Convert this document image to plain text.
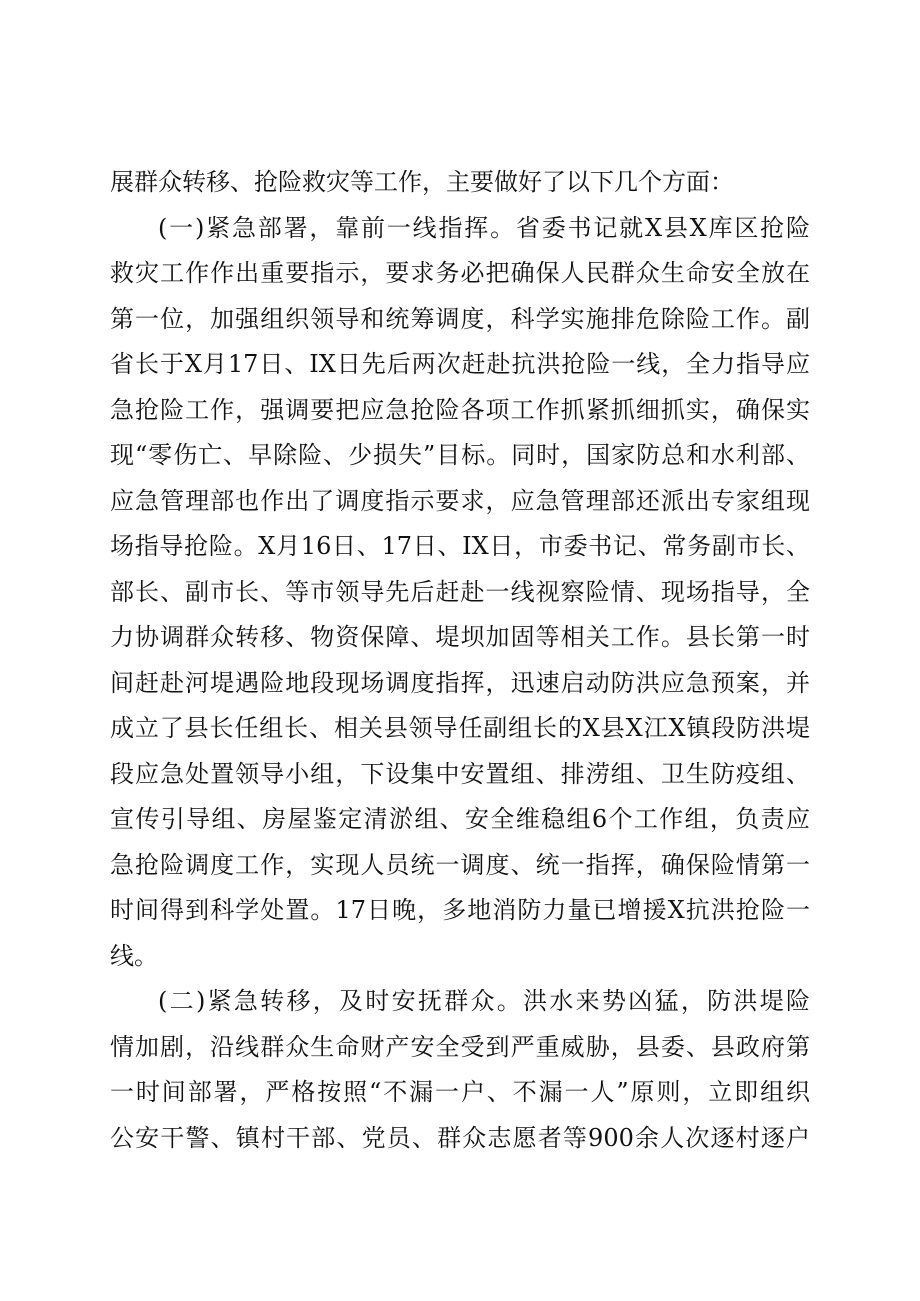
展群众转移、抢险救灾等工作，主要做好了以下几个方面：
(一)紧急部署，靠前一线指挥。省委书记就X县X库区抢险
救灾工作作出重要指示，要求务必把确保人民群众生命安全放在
第一位，加强组织领导和统筹调度，科学实施排危除险工作。副
省长于X月17日、IX日先后两次赶赴抗洪抢险一线，全力指导应
急抢险工作，强调要把应急抢险各项工作抓紧抓细抓实，确保实
现“零伤亡、早除险、少损失”目标。同时，国家防总和水利部、
应急管理部也作出了调度指示要求，应急管理部还派出专家组现
场指导抢险。X月16日、17日、IX日，市委书记、常务副市长、
部长、副市长、等市领导先后赶赴一线视察险情、现场指导，全
力协调群众转移、物资保障、堤坝加固等相关工作。县长第一时
间赶赴河堤遇险地段现场调度指挥，迅速启动防洪应急预案，并
成立了县长任组长、相关县领导任副组长的X县X江X镇段防洪堤
段应急处置领导小组，下设集中安置组、排涝组、卫生防疫组、
宣传引导组、房屋鉴定清淤组、安全维稳组6个工作组，负责应
急抢险调度工作，实现人员统一调度、统一指挥，确保险情第一
时间得到科学处置。17日晚，多地消防力量已增援X抗洪抢险一
线。
(二)紧急转移，及时安抚群众。洪水来势凶猛，防洪堤险
情加剧，沿线群众生命财产安全受到严重威胁，县委、县政府第
一时间部署，严格按照“不漏一户、不漏一人”原则，立即组织
公安干警、镇村干部、党员、群众志愿者等900余人次逐村逐户
